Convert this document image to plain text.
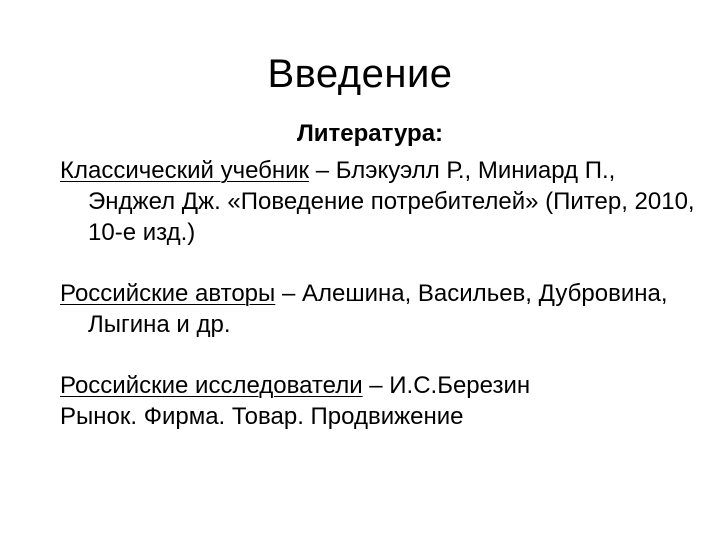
Введение
Литература:
Классический учебник – Блэкуэлл Р., Миниард П., Энджел Дж. «Поведение потребителей» (Питер, 2010, 10-е изд.)
Российские авторы – Алешина, Васильев, Дубровина, Лыгина и др.
Российские исследователи – И.С.Березин
Рынок. Фирма. Товар. Продвижение
